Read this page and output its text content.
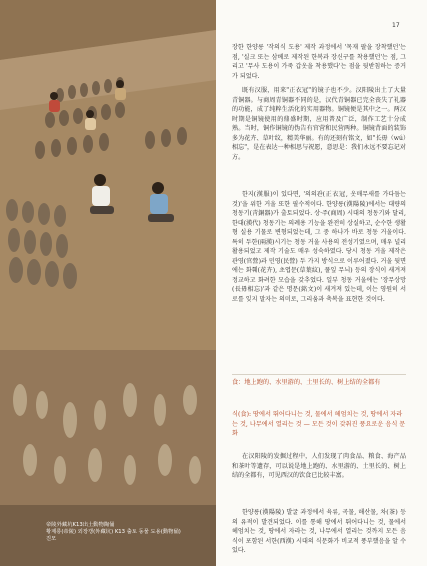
帝陵外藏坑K13出土動物陶俑
황제릉(帝陵) 외장갱(外藏坑) K13 출토 동물 도용(動物俑)
진모
17
장한 한양릉 '작의식 도용' 제작 과정에서 '목재 팔을 장착했던'는 점, '실크 또는 삼베로 제작된 한복과 장신구를 착용했던'는 점, 그리고 '무사 도용이 가죽 갑옷을 착용했다'는 점을 뒷받침하는 증거가 되었다.
既有汉服，用来"正衣冠"的镜子也不少。汉阳陵出土了大量青铜器。与商周青铜器不同的是，汉代青铜器已完全丧失了礼器的功能，成了纯粹生活化的实用器物。铜镜便是其中之一。两汉时期是铜镜使用的鼎盛时期，应用普及广泛，制作工艺十分成熟。当时，铜作铜镜的伪告有官营和民营两种。铜镜背面的装饰多为花卉、草叶纹，精美华丽。有的还刻有铭文，如"长毋（wú）相忘"，是在表达一种相思与祝愿，意思是：我们永远不要忘记对方。
한지(漢服)이 있다면, '의의관(正衣冠, 옷매무새를 가다듬는 것)'을 위한 거울 또한 필수적이다. 한양릉(漢陽陵)에서는 대량의 청동기(靑銅器)가 출토되었다. 상·주(商周) 시대의 청동기와 달리, 한대(漢代) 청동기는 의례용 기능을 완전히 상실하고, 순수한 생활형 실용 기물로 변형되었는데, 그 중 하나가 바로 청동 거울이다. 특히 두한(兩漢)시기는 청동 거울 사용의 전성기였으며, 매우 널리 활용되었고 제작 기술도 매우 성숙하였다. 당시 청동 거울 제작은 관영(官營)과 민영(民營) 두 가지 방식으로 이루어졌다. 거울 뒷면에는 화훼(花卉), 초엽문(草葉紋), 풀잎 무늬) 등의 장식이 새겨져 정교하고 화려한 모습을 갖추었다. 일부 청동 거울에는 '장무상망(長毋相忘)'과 같은 명문(銘文)이 새겨져 있는데, 이는 영원히 서로를 잊지 말자는 의미로, 그리움과 축복을 표현한 것이다.
食：地上跑的、水里游的、土里长的、树上结的全都有
식(食): 땅에서 뛰어다니는 것, 물에서 헤엄치는 것, 땅에서 자라는 것, 나무에서 열리는 것 — 모든 것이 갖춰진 풍요로운 음식 문화
在汉阳陵的发掘过程中，人们发现了肉食品、粮食、海产品和茶叶等遗存，可以说是地上跑的、水里游的、土里长的、树上结的全都有，可见西汉的饮食已比较丰富。
한양릉(漢陽陵) 발굴 과정에서 육류, 곡물, 해산물, 차(茶) 등의 유적이 발견되었다. 이를 통해 땅에서 뛰어다니는 것, 물에서 헤엄치는 것, 땅에서 자라는 것, 나무에서 열리는 것까지 모든 음식이 포함된 서한(西漢) 시대의 식문화가 비교적 풍부했음을 알 수 있다.
